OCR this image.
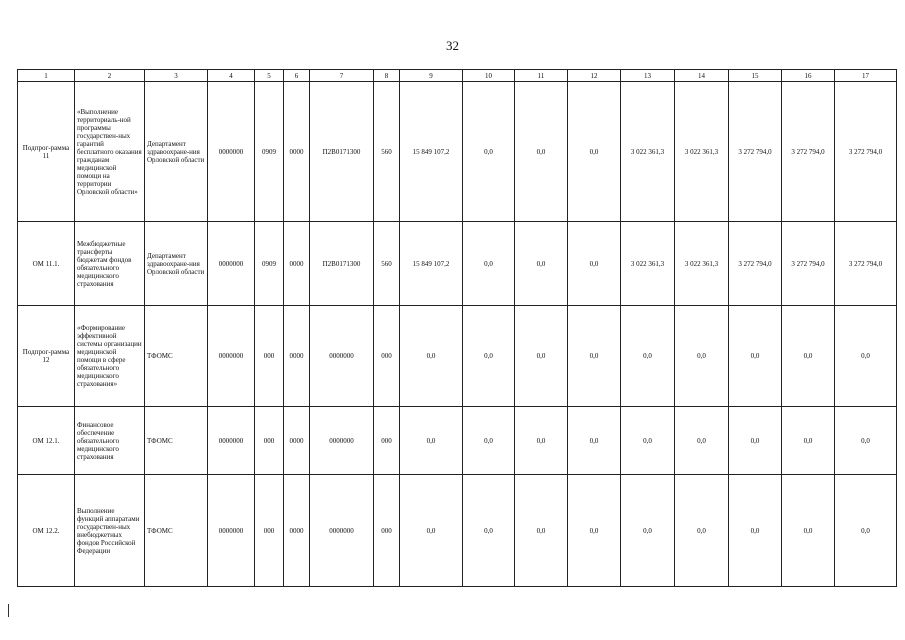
32
1	2	3	4	5	6	7	8	9	10	11	12	13	14	15	16	17
Подпрог-рамма 11	«Выполнение территориаль-ной программы государствен-ных гарантий бесплатного оказания гражданам медицинской помощи на территории Орловской области»	Департамент здравоохране-ния Орловской области	0000000	0909	0000	П2В0171300	560	15 849 107,2	0,0	0,0	0,0	3 022 361,3	3 022 361,3	3 272 794,0	3 272 794,0	3 272 794,0
ОМ 11.1.	Межбюджетные трансферты бюджетам фондов обязательного медицинского страхования	Департамент здравоохране-ния Орловской области	0000000	0909	0000	П2В0171300	560	15 849 107,2	0,0	0,0	0,0	3 022 361,3	3 022 361,3	3 272 794,0	3 272 794,0	3 272 794,0
Подпрог-рамма 12	«Формирование эффективной системы организации медицинской помощи в сфере обязательного медицинского страхования»	ТФОМС	0000000	000	0000	0000000	000	0,0	0,0	0,0	0,0	0,0	0,0	0,0	0,0	0,0
ОМ 12.1.	Финансовое обеспечение обязательного медицинского страхования	ТФОМС	0000000	000	0000	0000000	000	0,0	0,0	0,0	0,0	0,0	0,0	0,0	0,0	0,0
ОМ 12.2.	Выполнение функций аппаратами государствен-ных внебюджетных фондов Российской Федерации	ТФОМС	0000000	000	0000	0000000	000	0,0	0,0	0,0	0,0	0,0	0,0	0,0	0,0	0,0
